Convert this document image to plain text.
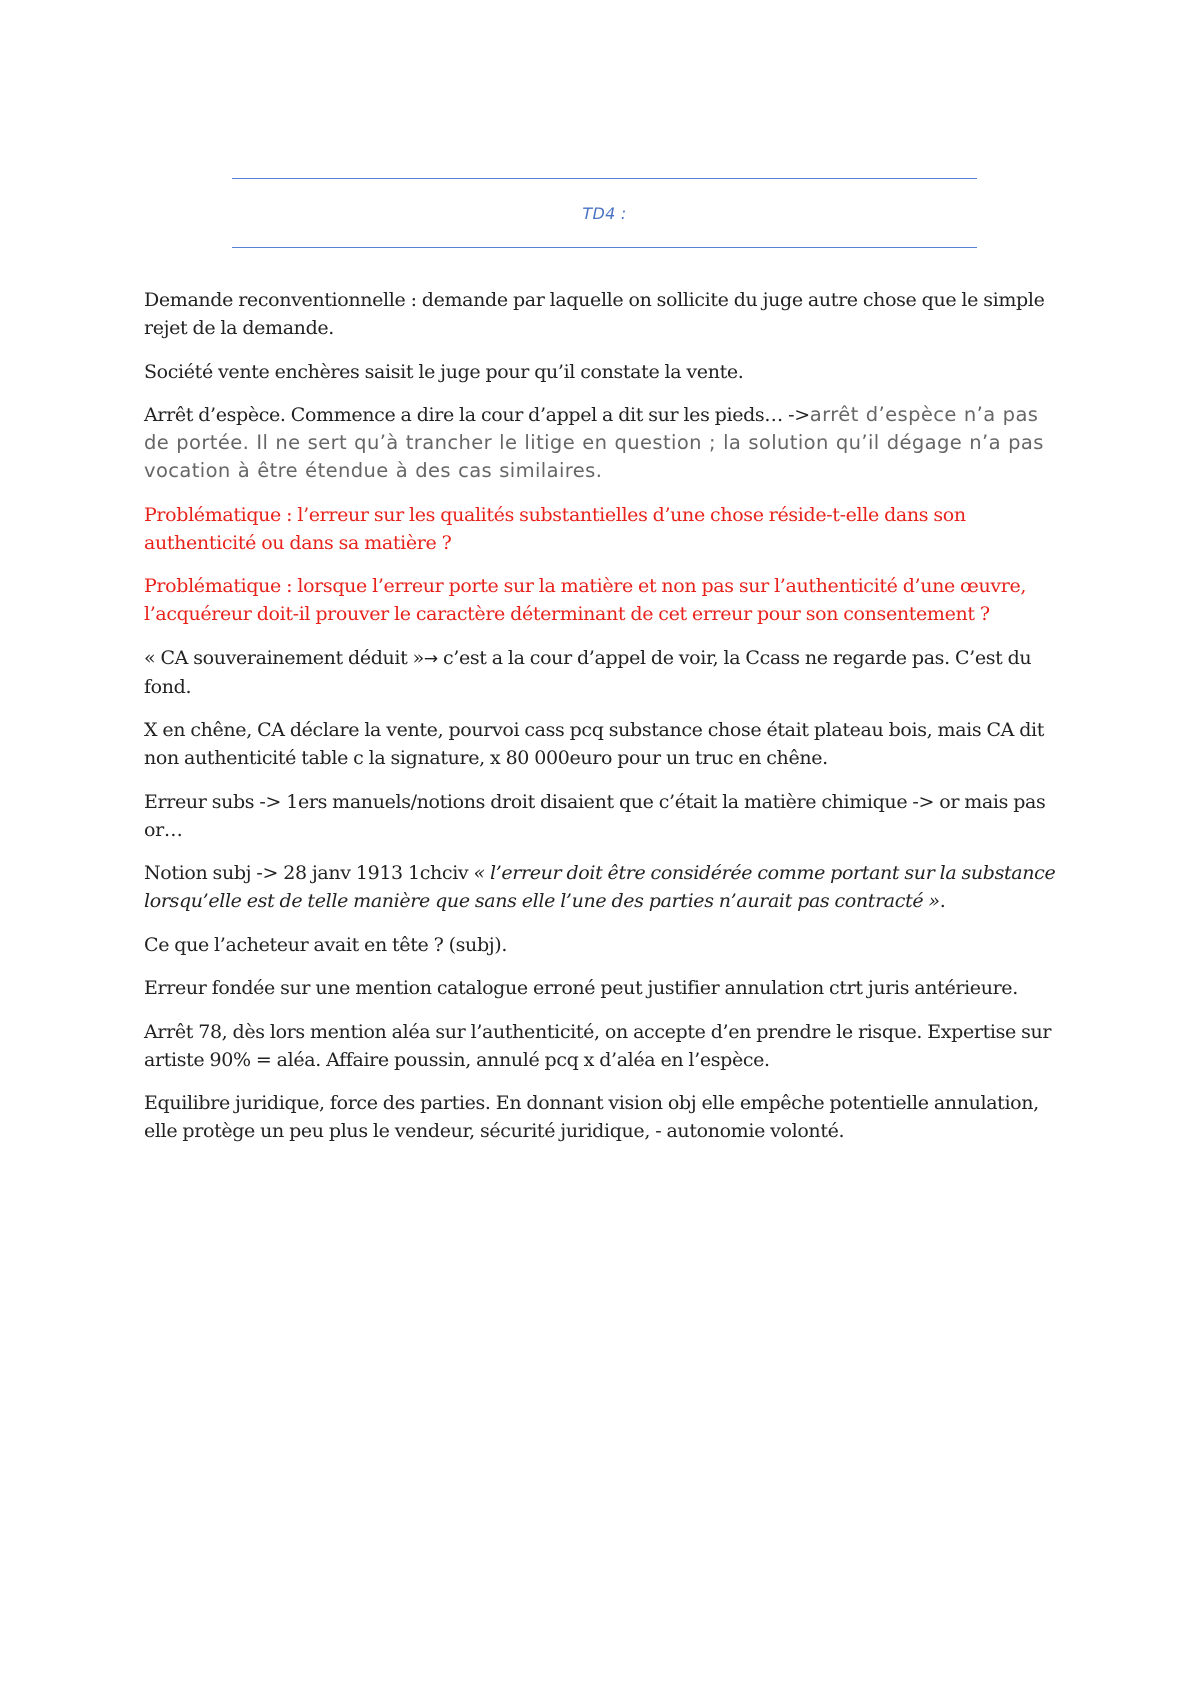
TD4 :

Demande reconventionnelle : demande par laquelle on sollicite du juge autre chose que le simple rejet de la demande.

Société vente enchères saisit le juge pour qu’il constate la vente.

Arrêt d’espèce. Commence a dire la cour d’appel a dit sur les pieds… ->arrêt d’espèce n’a pas de portée. Il ne sert qu’à trancher le litige en question ; la solution qu’il dégage n’a pas vocation à être étendue à des cas similaires.

Problématique : l’erreur sur les qualités substantielles d’une chose réside-t-elle dans son authenticité ou dans sa matière ?

Problématique : lorsque l’erreur porte sur la matière et non pas sur l’authenticité d’une œuvre, l’acquéreur doit-il prouver le caractère déterminant de cet erreur pour son consentement ?

« CA souverainement déduit »→ c’est a la cour d’appel de voir, la Ccass ne regarde pas. C’est du fond.

X en chêne, CA déclare la vente, pourvoi cass pcq substance chose était plateau bois, mais CA dit non authenticité table c la signature, x 80 000euro pour un truc en chêne.

Erreur subs -> 1ers manuels/notions droit disaient que c’était la matière chimique -> or mais pas or…

Notion subj -> 28 janv 1913 1chciv « l’erreur doit être considérée comme portant sur la substance lorsqu’elle est de telle manière que sans elle l’une des parties n’aurait pas contracté ».

Ce que l’acheteur avait en tête ? (subj).

Erreur fondée sur une mention catalogue erroné peut justifier annulation ctrt juris antérieure.

Arrêt 78, dès lors mention aléa sur l’authenticité, on accepte d’en prendre le risque. Expertise sur artiste 90% = aléa. Affaire poussin, annulé pcq x d’aléa en l’espèce.

Equilibre juridique, force des parties. En donnant vision obj elle empêche potentielle annulation, elle protège un peu plus le vendeur, sécurité juridique, - autonomie volonté.
